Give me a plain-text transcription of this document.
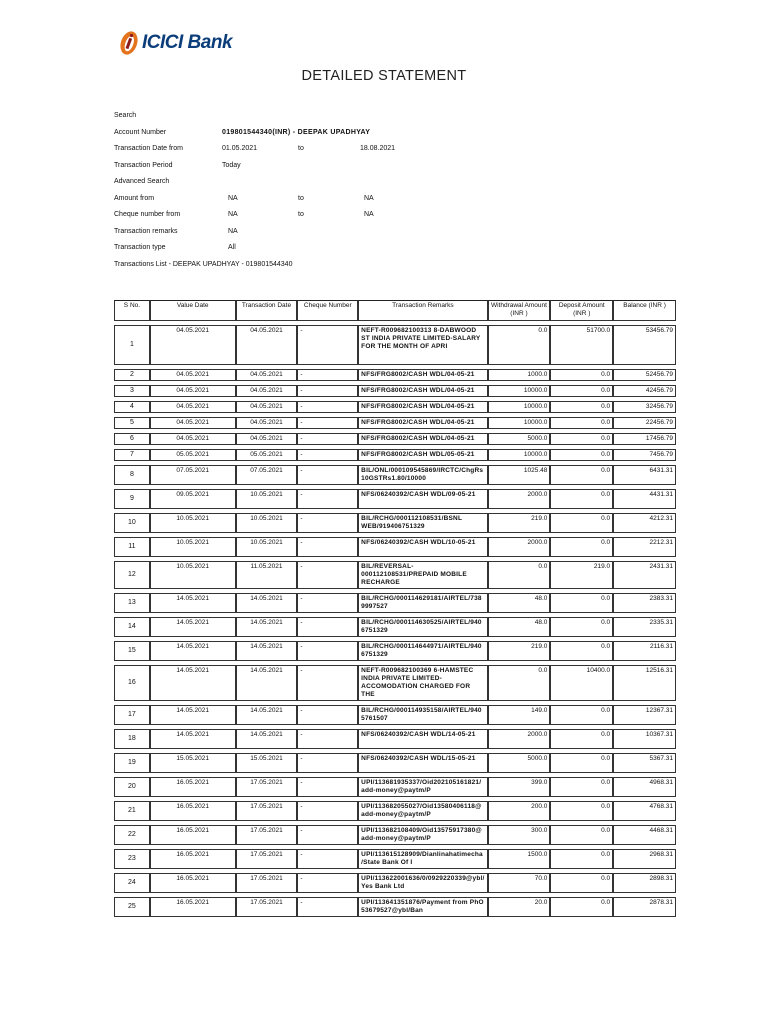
ICICI Bank
DETAILED STATEMENT
Search
Account Number	019801544340(INR) - DEEPAK UPADHYAY
Transaction Date from	01.05.2021	to	18.08.2021
Transaction Period	Today
Advanced Search
Amount from	NA	to	NA
Cheque number from	NA	to	NA
Transaction remarks	NA
Transaction type	All
Transactions List - DEEPAK UPADHYAY - 019801544340
S No.	Value Date	Transaction Date	Cheque Number	Transaction Remarks	Withdrawal Amount (INR )	Deposit Amount (INR )	Balance (INR )
1	04.05.2021	04.05.2021	-	NEFT-R009682100313 8-DABWOOD ST INDIA PRIVATE LIMITED-SALARY FOR THE MONTH OF APRI	0.0	51700.0	53456.79
2	04.05.2021	04.05.2021	-	NFS/FRG8002/CASH WDL/04-05-21	1000.0	0.0	52456.79
3	04.05.2021	04.05.2021	-	NFS/FRG8002/CASH WDL/04-05-21	10000.0	0.0	42456.79
4	04.05.2021	04.05.2021	-	NFS/FRG8002/CASH WDL/04-05-21	10000.0	0.0	32456.79
5	04.05.2021	04.05.2021	-	NFS/FRG8002/CASH WDL/04-05-21	10000.0	0.0	22456.79
6	04.05.2021	04.05.2021	-	NFS/FRG8002/CASH WDL/04-05-21	5000.0	0.0	17456.79
7	05.05.2021	05.05.2021	-	NFS/FRG8002/CASH WDL/05-05-21	10000.0	0.0	7456.79
8	07.05.2021	07.05.2021	-	BIL/ONL/000109545869/IRCTC/ChgRs 10GSTRs1.80/10000	1025.48	0.0	6431.31
9	09.05.2021	10.05.2021	-	NFS/06240392/CASH WDL/09-05-21	2000.0	0.0	4431.31
10	10.05.2021	10.05.2021	-	BIL/RCHG/000112108531/BSNL WEB/919406751329	219.0	0.0	4212.31
11	10.05.2021	10.05.2021	-	NFS/06240392/CASH WDL/10-05-21	2000.0	0.0	2212.31
12	10.05.2021	11.05.2021	-	BIL/REVERSAL-000112108531/PREPAID MOBILE RECHARGE	0.0	219.0	2431.31
13	14.05.2021	14.05.2021	-	BIL/RCHG/000114629181/AIRTEL/738 9997527	48.0	0.0	2383.31
14	14.05.2021	14.05.2021	-	BIL/RCHG/000114630525/AIRTEL/940 6751329	48.0	0.0	2335.31
15	14.05.2021	14.05.2021	-	BIL/RCHG/000114644971/AIRTEL/940 6751329	219.0	0.0	2116.31
16	14.05.2021	14.05.2021	-	NEFT-R009682100369 6-HAMSTEC INDIA PRIVATE LIMITED-ACCOMODATION CHARGED FOR THE	0.0	10400.0	12516.31
17	14.05.2021	14.05.2021	-	BIL/RCHG/000114935158/AIRTEL/940 5761507	149.0	0.0	12367.31
18	14.05.2021	14.05.2021	-	NFS/06240392/CASH WDL/14-05-21	2000.0	0.0	10367.31
19	15.05.2021	15.05.2021	-	NFS/06240392/CASH WDL/15-05-21	5000.0	0.0	5367.31
20	16.05.2021	17.05.2021	-	UPI/113681935337/Oid202105161821/ add-money@paytm/P	399.0	0.0	4968.31
21	16.05.2021	17.05.2021	-	UPI/113682055027/Oid13580406118@ add-money@paytm/P	200.0	0.0	4768.31
22	16.05.2021	17.05.2021	-	UPI/113682108409/Oid13575917380@ add-money@paytm/P	300.0	0.0	4468.31
23	16.05.2021	17.05.2021	-	UPI/113615128909/Dianlinahatimecha /State Bank Of I	1500.0	0.0	2968.31
24	16.05.2021	17.05.2021	-	UPI/113622001636/0/0929220339@ybl/ Yes Bank Ltd	70.0	0.0	2898.31
25	16.05.2021	17.05.2021	-	UPI/113641351876/Payment from PhO 53679527@ybl/Ban	20.0	0.0	2878.31
